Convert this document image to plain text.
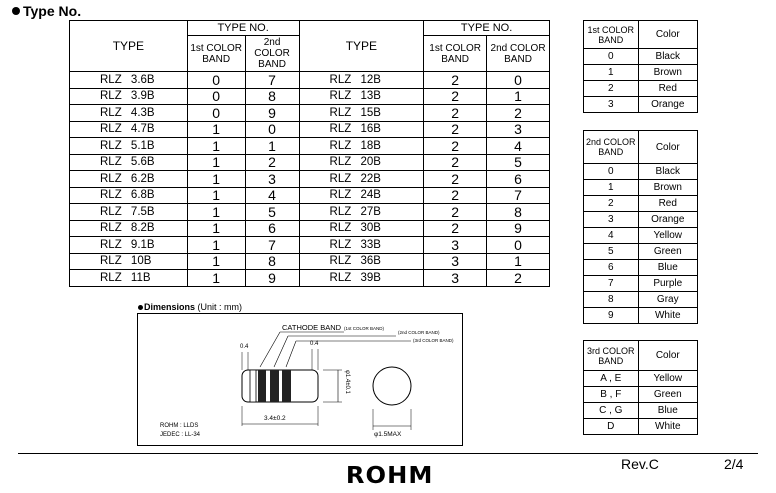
Type No.
TYPE	TYPE NO.		TYPE	TYPE NO.	
	1st COLOR BAND	2nd COLOR BAND		1st COLOR BAND	2nd COLOR BAND
RLZ 3.6B	0	7	RLZ 12B	2	0
RLZ 3.9B	0	8	RLZ 13B	2	1
RLZ 4.3B	0	9	RLZ 15B	2	2
RLZ 4.7B	1	0	RLZ 16B	2	3
RLZ 5.1B	1	1	RLZ 18B	2	4
RLZ 5.6B	1	2	RLZ 20B	2	5
RLZ 6.2B	1	3	RLZ 22B	2	6
RLZ 6.8B	1	4	RLZ 24B	2	7
RLZ 7.5B	1	5	RLZ 27B	2	8
RLZ 8.2B	1	6	RLZ 30B	2	9
RLZ 9.1B	1	7	RLZ 33B	3	0
RLZ 10B	1	8	RLZ 36B	3	1
RLZ 11B	1	9	RLZ 39B	3	2
1st COLOR BAND	Color
0	Black
1	Brown
2	Red
3	Orange
2nd COLOR BAND	Color
0	Black
1	Brown
2	Red
3	Orange
4	Yellow
5	Green
6	Blue
7	Purple
8	Gray
9	White
3rd COLOR BAND	Color
A , E	Yellow
B , F	Green
C , G	Blue
D	White
Dimensions (Unit : mm)
CATHODE BAND (1st COLOR BAND)
(2nd COLOR BAND)
(3rd COLOR BAND)
0.4	0.4
φ1.4±0.1
3.4±0.2
φ1.5MAX
ROHM : LLDS
JEDEC : LL-34
ROHM	Rev.C	2/4
